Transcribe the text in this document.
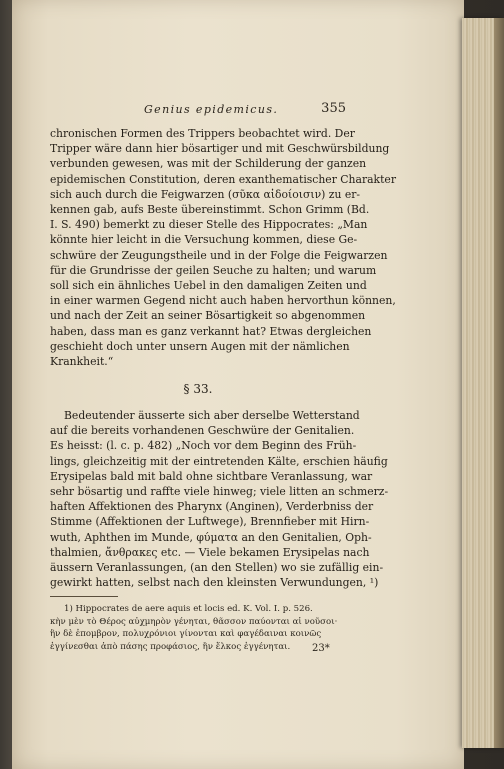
Genius epidemicus.	355
chronischen Formen des Trippers beobachtet wird. Der
Tripper wäre dann hier bösartiger und mit Geschwürsbildung
verbunden gewesen, was mit der Schilderung der ganzen
epidemischen Constitution, deren exanthematischer Charakter
sich auch durch die Feigwarzen (σῦκα αἰδοίοισιν) zu er-
kennen gab, aufs Beste übereinstimmt. Schon Grimm (Bd.
I. S. 490) bemerkt zu dieser Stelle des Hippocrates: „Man
könnte hier leicht in die Versuchung kommen, diese Ge-
schwüre der Zeugungstheile und in der Folge die Feigwarzen
für die Grundrisse der geilen Seuche zu halten; und warum
soll sich ein ähnliches Uebel in den damaligen Zeiten und
in einer warmen Gegend nicht auch haben hervorthun können,
und nach der Zeit an seiner Bösartigkeit so abgenommen
haben, dass man es ganz verkannt hat? Etwas dergleichen
geschieht doch unter unsern Augen mit der nämlichen
Krankheit.“
§ 33.
Bedeutender äusserte sich aber derselbe Wetterstand
auf die bereits vorhandenen Geschwüre der Genitalien.
Es heisst: (l. c. p. 482) „Noch vor dem Beginn des Früh-
lings, gleichzeitig mit der eintretenden Kälte, erschien häufig
Erysipelas bald mit bald ohne sichtbare Veranlassung, war
sehr bösartig und raffte viele hinweg; viele litten an schmerz-
haften Affektionen des Pharynx (Anginen), Verderbniss der
Stimme (Affektionen der Luftwege), Brennfieber mit Hirn-
wuth, Aphthen im Munde, φύματα an den Genitalien, Oph-
thalmien, ἄνθρακες etc. — Viele bekamen Erysipelas nach
äussern Veranlassungen, (an den Stellen) wo sie zufällig ein-
gewirkt hatten, selbst nach den kleinsten Verwundungen, ¹)
1) Hippocrates de aere aquis et locis ed. K. Vol. I. p. 526.
κὴν μὲν τὸ Θέρος αὐχμηρὸν γένηται, θᾶσσον παύονται αἱ νοῦσοι·
ἢν δὲ ἐπομβρον, πολυχρόνιοι γίνονται καὶ φαγέδαιναι κοινῶς
ἐγγίνεσθαι ἀπὸ πάσης προφάσιος, ἢν ἕλκος ἐγγένηται.	23*
